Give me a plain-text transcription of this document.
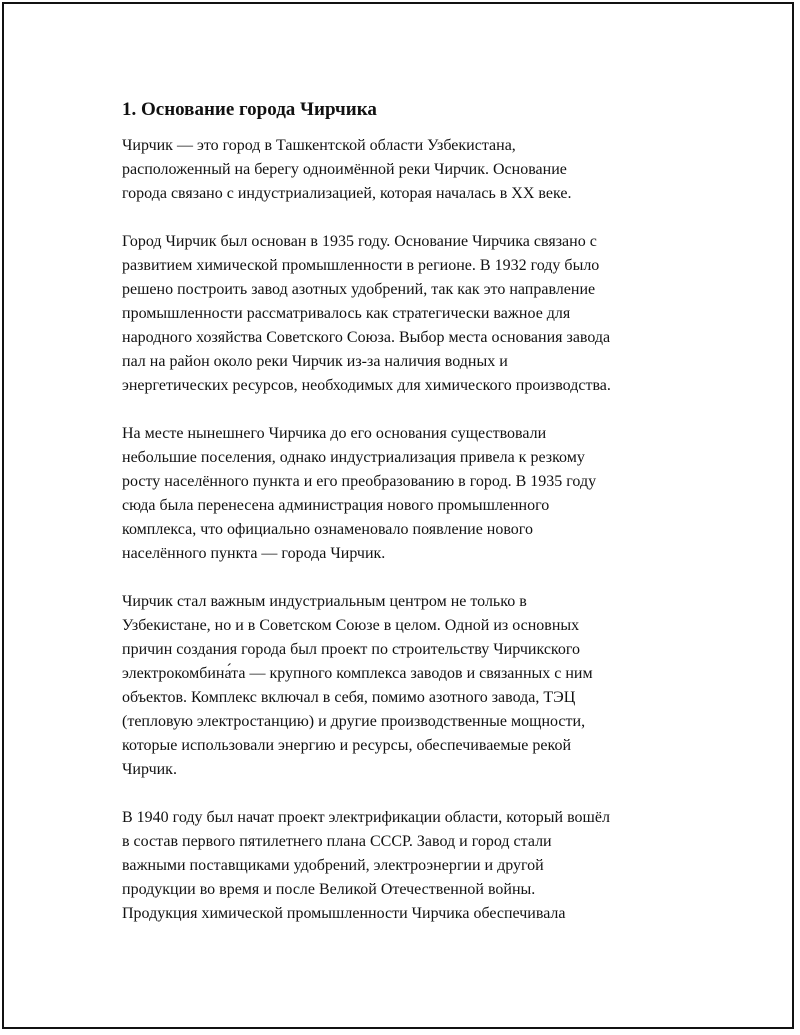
1. Основание города Чирчика

Чирчик — это город в Ташкентской области Узбекистана,
расположенный на берегу одноимённой реки Чирчик. Основание
города связано с индустриализацией, которая началась в XX веке.

Город Чирчик был основан в 1935 году. Основание Чирчика связано с
развитием химической промышленности в регионе. В 1932 году было
решено построить завод азотных удобрений, так как это направление
промышленности рассматривалось как стратегически важное для
народного хозяйства Советского Союза. Выбор места основания завода
пал на район около реки Чирчик из-за наличия водных и
энергетических ресурсов, необходимых для химического производства.

На месте нынешнего Чирчика до его основания существовали
небольшие поселения, однако индустриализация привела к резкому
росту населённого пункта и его преобразованию в город. В 1935 году
сюда была перенесена администрация нового промышленного
комплекса, что официально ознаменовало появление нового
населённого пункта — города Чирчик.

Чирчик стал важным индустриальным центром не только в
Узбекистане, но и в Советском Союзе в целом. Одной из основных
причин создания города был проект по строительству Чирчикского
электрокомбина́та — крупного комплекса заводов и связанных с ним
объектов. Комплекс включал в себя, помимо азотного завода, ТЭЦ
(тепловую электростанцию) и другие производственные мощности,
которые использовали энергию и ресурсы, обеспечиваемые рекой
Чирчик.

В 1940 году был начат проект электрификации области, который вошёл
в состав первого пятилетнего плана СССР. Завод и город стали
важными поставщиками удобрений, электроэнергии и другой
продукции во время и после Великой Отечественной войны.
Продукция химической промышленности Чирчика обеспечивала
